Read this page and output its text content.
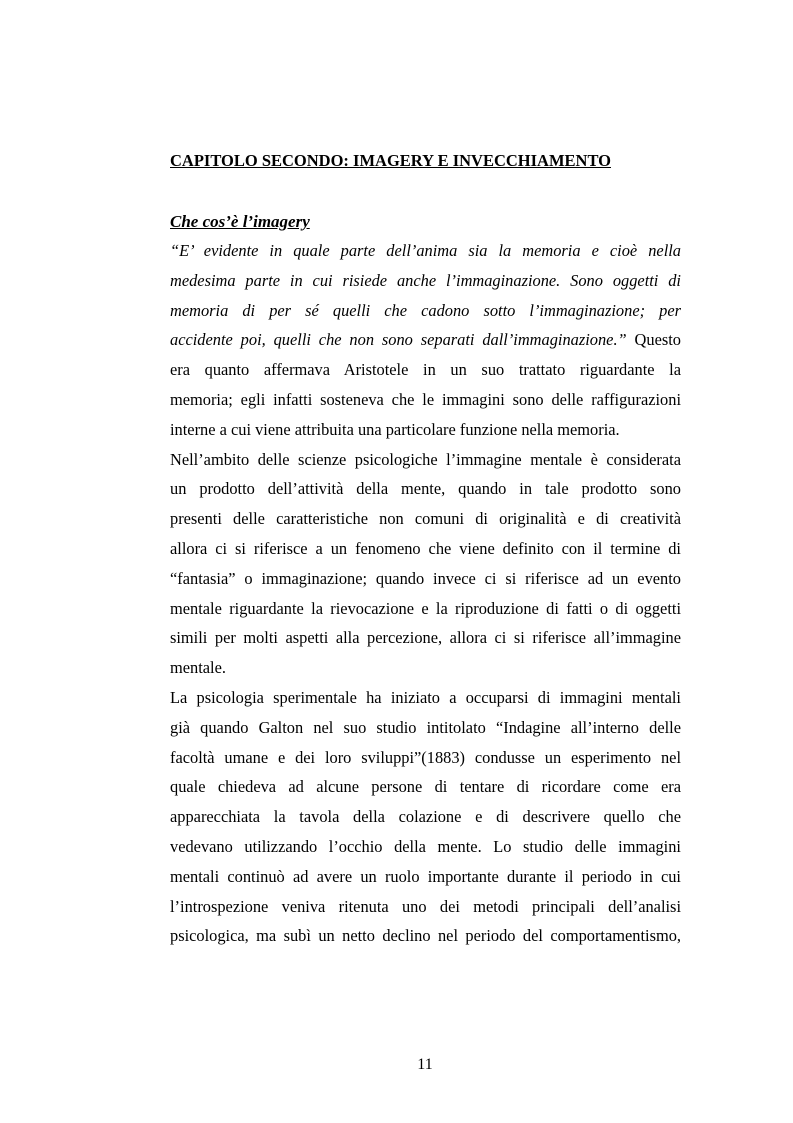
CAPITOLO SECONDO: IMAGERY E INVECCHIAMENTO
Che cos’è l’imagery
“E’ evidente in quale parte dell’anima sia la memoria e cioè nella
medesima parte in cui risiede anche l’immaginazione. Sono oggetti di
memoria di per sé quelli che cadono sotto l’immaginazione; per
accidente poi, quelli che non sono separati dall’immaginazione.” Questo
era quanto affermava Aristotele in un suo trattato riguardante la
memoria; egli infatti sosteneva che le immagini sono delle raffigurazioni
interne a cui viene attribuita una particolare funzione nella memoria.
Nell’ambito delle scienze psicologiche l’immagine mentale è considerata
un prodotto dell’attività della mente, quando in tale prodotto sono
presenti delle caratteristiche non comuni di originalità e di creatività
allora ci si riferisce a un fenomeno che viene definito con il termine di
“fantasia” o immaginazione; quando invece ci si riferisce ad un evento
mentale riguardante la rievocazione e la riproduzione di fatti o di oggetti
simili per molti aspetti alla percezione, allora ci si riferisce all’immagine
mentale.
La psicologia sperimentale ha iniziato a occuparsi di immagini mentali
già quando Galton nel suo studio intitolato “Indagine all’interno delle
facoltà umane e dei loro sviluppi”(1883) condusse un esperimento nel
quale chiedeva ad alcune persone di tentare di ricordare come era
apparecchiata la tavola della colazione e di descrivere quello che
vedevano utilizzando l’occhio della mente. Lo studio delle immagini
mentali continuò ad avere un ruolo importante durante il periodo in cui
l’introspezione veniva ritenuta uno dei metodi principali dell’analisi
psicologica, ma subì un netto declino nel periodo del comportamentismo,

11
